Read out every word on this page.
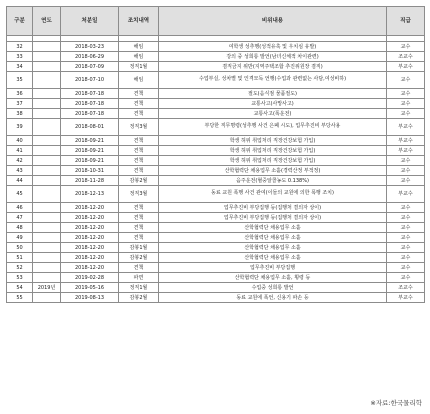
구분	연도	처분일	조치내역	비위내용	직급

32		2018-03-23	해임	여학생 성추행(성적유혹 및 우치심 유발)	교수
33		2018-06-29	해임	강의 중 성희롱 발언(남녀신체적 차이관련)	조교수
34		2018-07-09	정직1월	겸직금지 위반(지역주택조합 추진위원장 겸직)	부교수
35		2018-07-10	해임	수업부실, 성차별 및 인격모독 언행(수업과 관련없는 사담,여성비하)	교수
36		2018-07-18	견책	절도(음식점 물품절도)	교수
37		2018-07-18	견책	교통사고(사망사고)	교수
38		2018-07-18	견책	교통사고(폭운전)	교수
39		2018-08-01	정직3월	부당한 직무명령(성추행 사건 은폐 시도), 업무추진비 부당사용	부교수
40		2018-09-21	견책	학생 허위 취업처리 직장건강보험 가입)	부교수
41		2018-09-21	견책	학생 허위 취업처리 직장건강보험 가입)	부교수
42		2018-09-21	견책	학생 허위 취업처리 직장건강보험 가입)	교수
43		2018-10-31	견책	산학협력단 채용업무 소홀(경력산정 부적정)	교수
44		2018-11-28	감봉2월	음주운전(혈중알콜농도 0.138%)	교수
45		2018-12-13	정직3월	동료 교원 폭행 사건 관여(이들의 교원에 의한 폭행 조치)	부교수
46		2018-12-20	견책	업무추진비 부당집행 등(집행처 결의자 상이)	교수
47		2018-12-20	견책	업무추진비 부당집행 등(집행처 결의자 상이)	교수
48		2018-12-20	견책	산학협력단 채용업무 소홀	교수
49		2018-12-20	견책	산학협력단 채용업무 소홀	교수
50		2018-12-20	감봉1월	산학협력단 채용업무 소홀	교수
51		2018-12-20	감봉2월	산학협력단 채용업무 소홀	교수
52		2018-12-20	견책	업무추진비 부당집행	교수
53		2019-02-28	파면	산학협력단 채용업무 소홀, 횡령 등	교수
54	2019년	2019-05-16	정직1월	수업중 성희롱 발언	조교수
55		2019-08-13	감봉2월	동료 교원에 폭언, 신용기 파손 등	부교수
※자료:한국물리학
